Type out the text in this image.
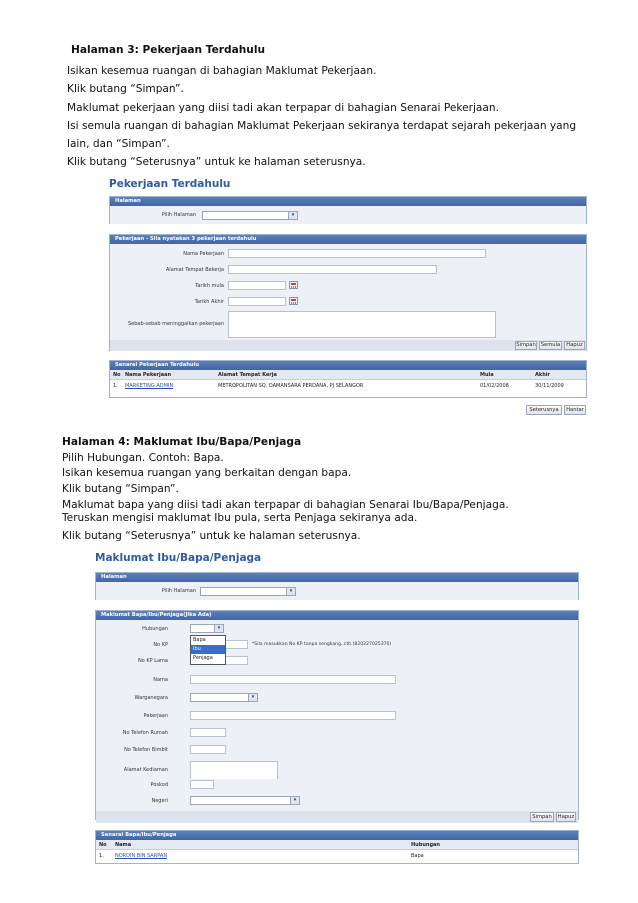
Halaman 3: Pekerjaan Terdahulu
Isikan kesemua ruangan di bahagian Maklumat Pekerjaan.
Klik butang “Simpan”.
Maklumat pekerjaan yang diisi tadi akan terpapar di bahagian Senarai Pekerjaan.
Isi semula ruangan di bahagian Maklumat Pekerjaan sekiranya terdapat sejarah pekerjaan yang
lain, dan “Simpan”.
Klik butang “Seterusnya” untuk ke halaman seterusnya.
Pekerjaan Terdahulu
Halaman
Pilih Halaman	▾
Pekerjaan - Sila nyatakan 3 pekerjaan terdahulu
Nama Pekerjaan
Alamat Tempat Bekerja
Tarikh mula
Tarikh Akhir
Sebab-sebab meninggalkan pekerjaan
Simpan Semula	Hapuz
Senarai Pekerjaan Terdahulu
No Nama Pekerjaan	Alamat Tempat Kerja	Mula	Akhir
1. MARKETING ADMIN	METROPOLITAN SQ, DAMANSARA PERDANA, PJ SELANGOR	01/02/2008	30/11/2009
Seterusnya	Hantar
Halaman 4: Maklumat Ibu/Bapa/Penjaga
Pilih Hubungan. Contoh: Bapa.
Isikan kesemua ruangan yang berkaitan dengan bapa.
Klik butang “Simpan”.
Maklumat bapa yang diisi tadi akan terpapar di bahagian Senarai Ibu/Bapa/Penjaga.
Teruskan mengisi maklumat Ibu pula, serta Penjaga sekiranya ada.
Klik butang “Seterusnya” untuk ke halaman seterusnya.
Maklumat Ibu/Bapa/Penjaga
Halaman
Pilih Halaman	▾
Maklumat Bapa/Ibu/Penjaga(Jika Ada)
Hubungan	▾
No KP	*Sila masukkan No KP tanpa sengkang..cth.(820227025370)
No KP Lama
Nama
Warganegara	▾
Pekerjaan
No Telefon Rumah
No Telefon Bimbit
Alamat Kediaman
Poskod
Negeri	▾
Bapa
Ibu
Penjaga
Simpan	Hapuz
Senarai Bapa/Ibu/Penjaga
No Nama	Hubungan
1. NORDIN BIN SARPAN	Bapa
